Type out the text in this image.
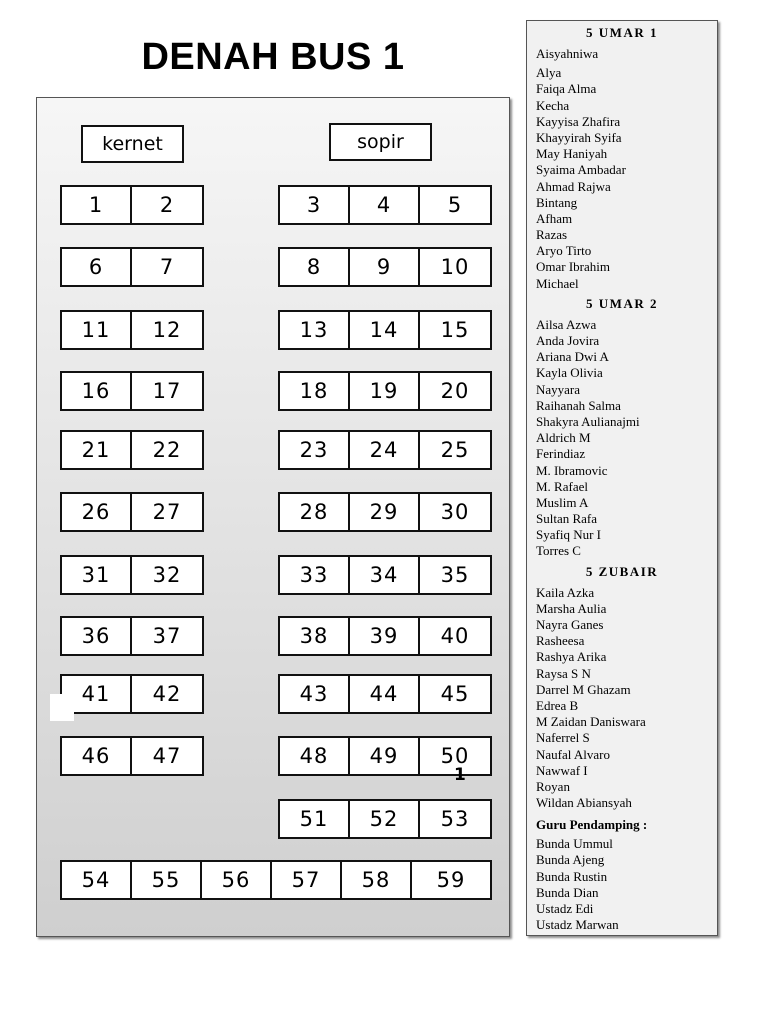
DENAH BUS 1
kernet	sopir
1	2	3	4	5
6	7	8	9	10
11	12	13	14	15
16	17	18	19	20
21	22	23	24	25
26	27	28	29	30
31	32	33	34	35
36	37	38	39	40
41	42	43	44	45
46	47	48	49	50
1
51	52	53
54	55	56	57	58	59
5 UMAR 1
Aisyahniwa
Alya
Faiqa Alma
Kecha
Kayyisa Zhafira
Khayyirah Syifa
May Haniyah
Syaima Ambadar
Ahmad Rajwa
Bintang
Afham
Razas
Aryo Tirto
Omar Ibrahim
Michael
5 UMAR 2
Ailsa Azwa
Anda Jovira
Ariana Dwi A
Kayla Olivia
Nayyara
Raihanah Salma
Shakyra Aulianajmi
Aldrich M
Ferindiaz
M. Ibramovic
M. Rafael
Muslim A
Sultan Rafa
Syafiq Nur I
Torres C
5 ZUBAIR
Kaila Azka
Marsha Aulia
Nayra Ganes
Rasheesa
Rashya Arika
Raysa S N
Darrel M Ghazam
Edrea B
M Zaidan Daniswara
Naferrel S
Naufal Alvaro
Nawwaf I
Royan
Wildan Abiansyah
Guru Pendamping :
Bunda Ummul
Bunda Ajeng
Bunda Rustin
Bunda Dian
Ustadz Edi
Ustadz Marwan
